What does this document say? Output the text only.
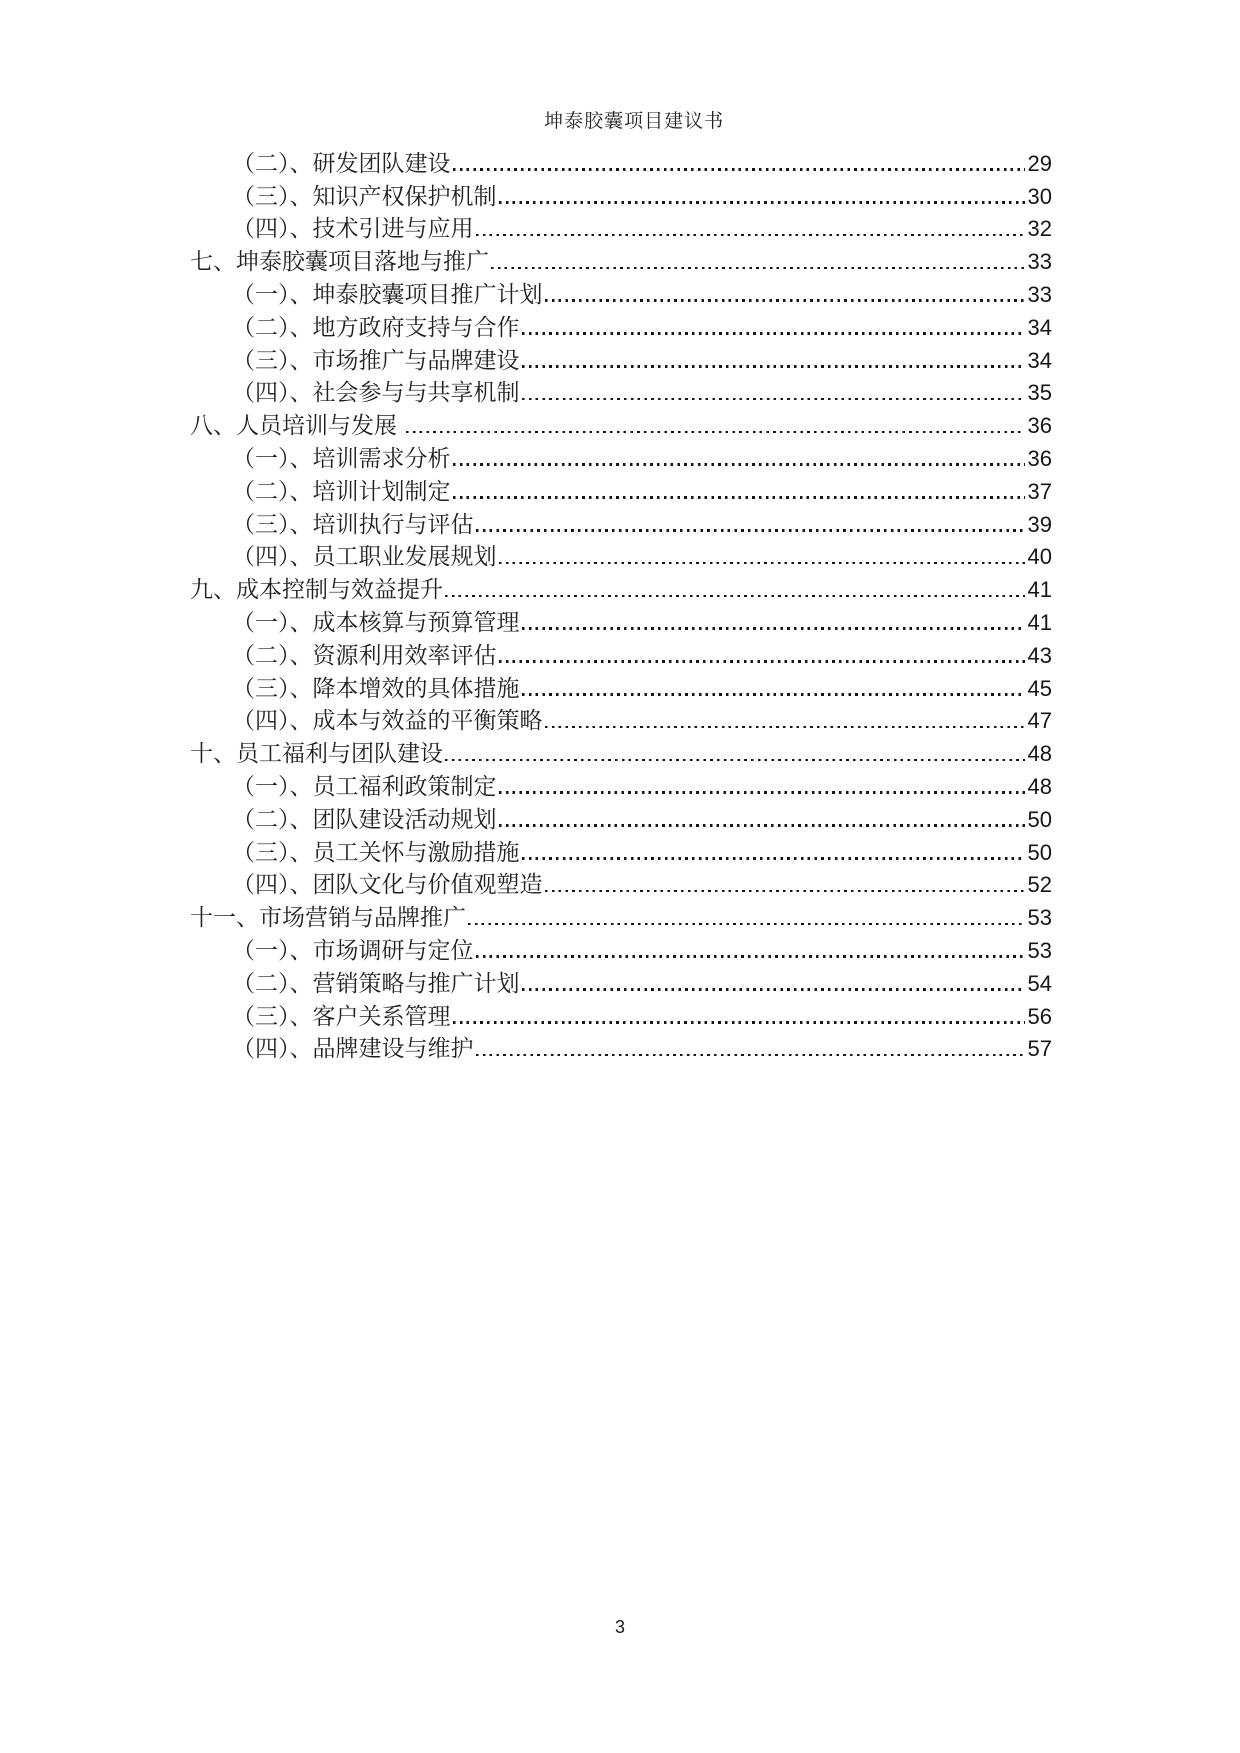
坤泰胶囊项目建议书

（二）、研发团队建设	29
（三）、知识产权保护机制	30
（四）、技术引进与应用	32
七、坤泰胶囊项目落地与推广	33
（一）、坤泰胶囊项目推广计划	33
（二）、地方政府支持与合作	34
（三）、市场推广与品牌建设	34
（四）、社会参与与共享机制	35
八、人员培训与发展	36
（一）、培训需求分析	36
（二）、培训计划制定	37
（三）、培训执行与评估	39
（四）、员工职业发展规划	40
九、成本控制与效益提升	41
（一）、成本核算与预算管理	41
（二）、资源利用效率评估	43
（三）、降本增效的具体措施	45
（四）、成本与效益的平衡策略	47
十、员工福利与团队建设	48
（一）、员工福利政策制定	48
（二）、团队建设活动规划	50
（三）、员工关怀与激励措施	50
（四）、团队文化与价值观塑造	52
十一、市场营销与品牌推广	53
（一）、市场调研与定位	53
（二）、营销策略与推广计划	54
（三）、客户关系管理	56
（四）、品牌建设与维护	57
3
